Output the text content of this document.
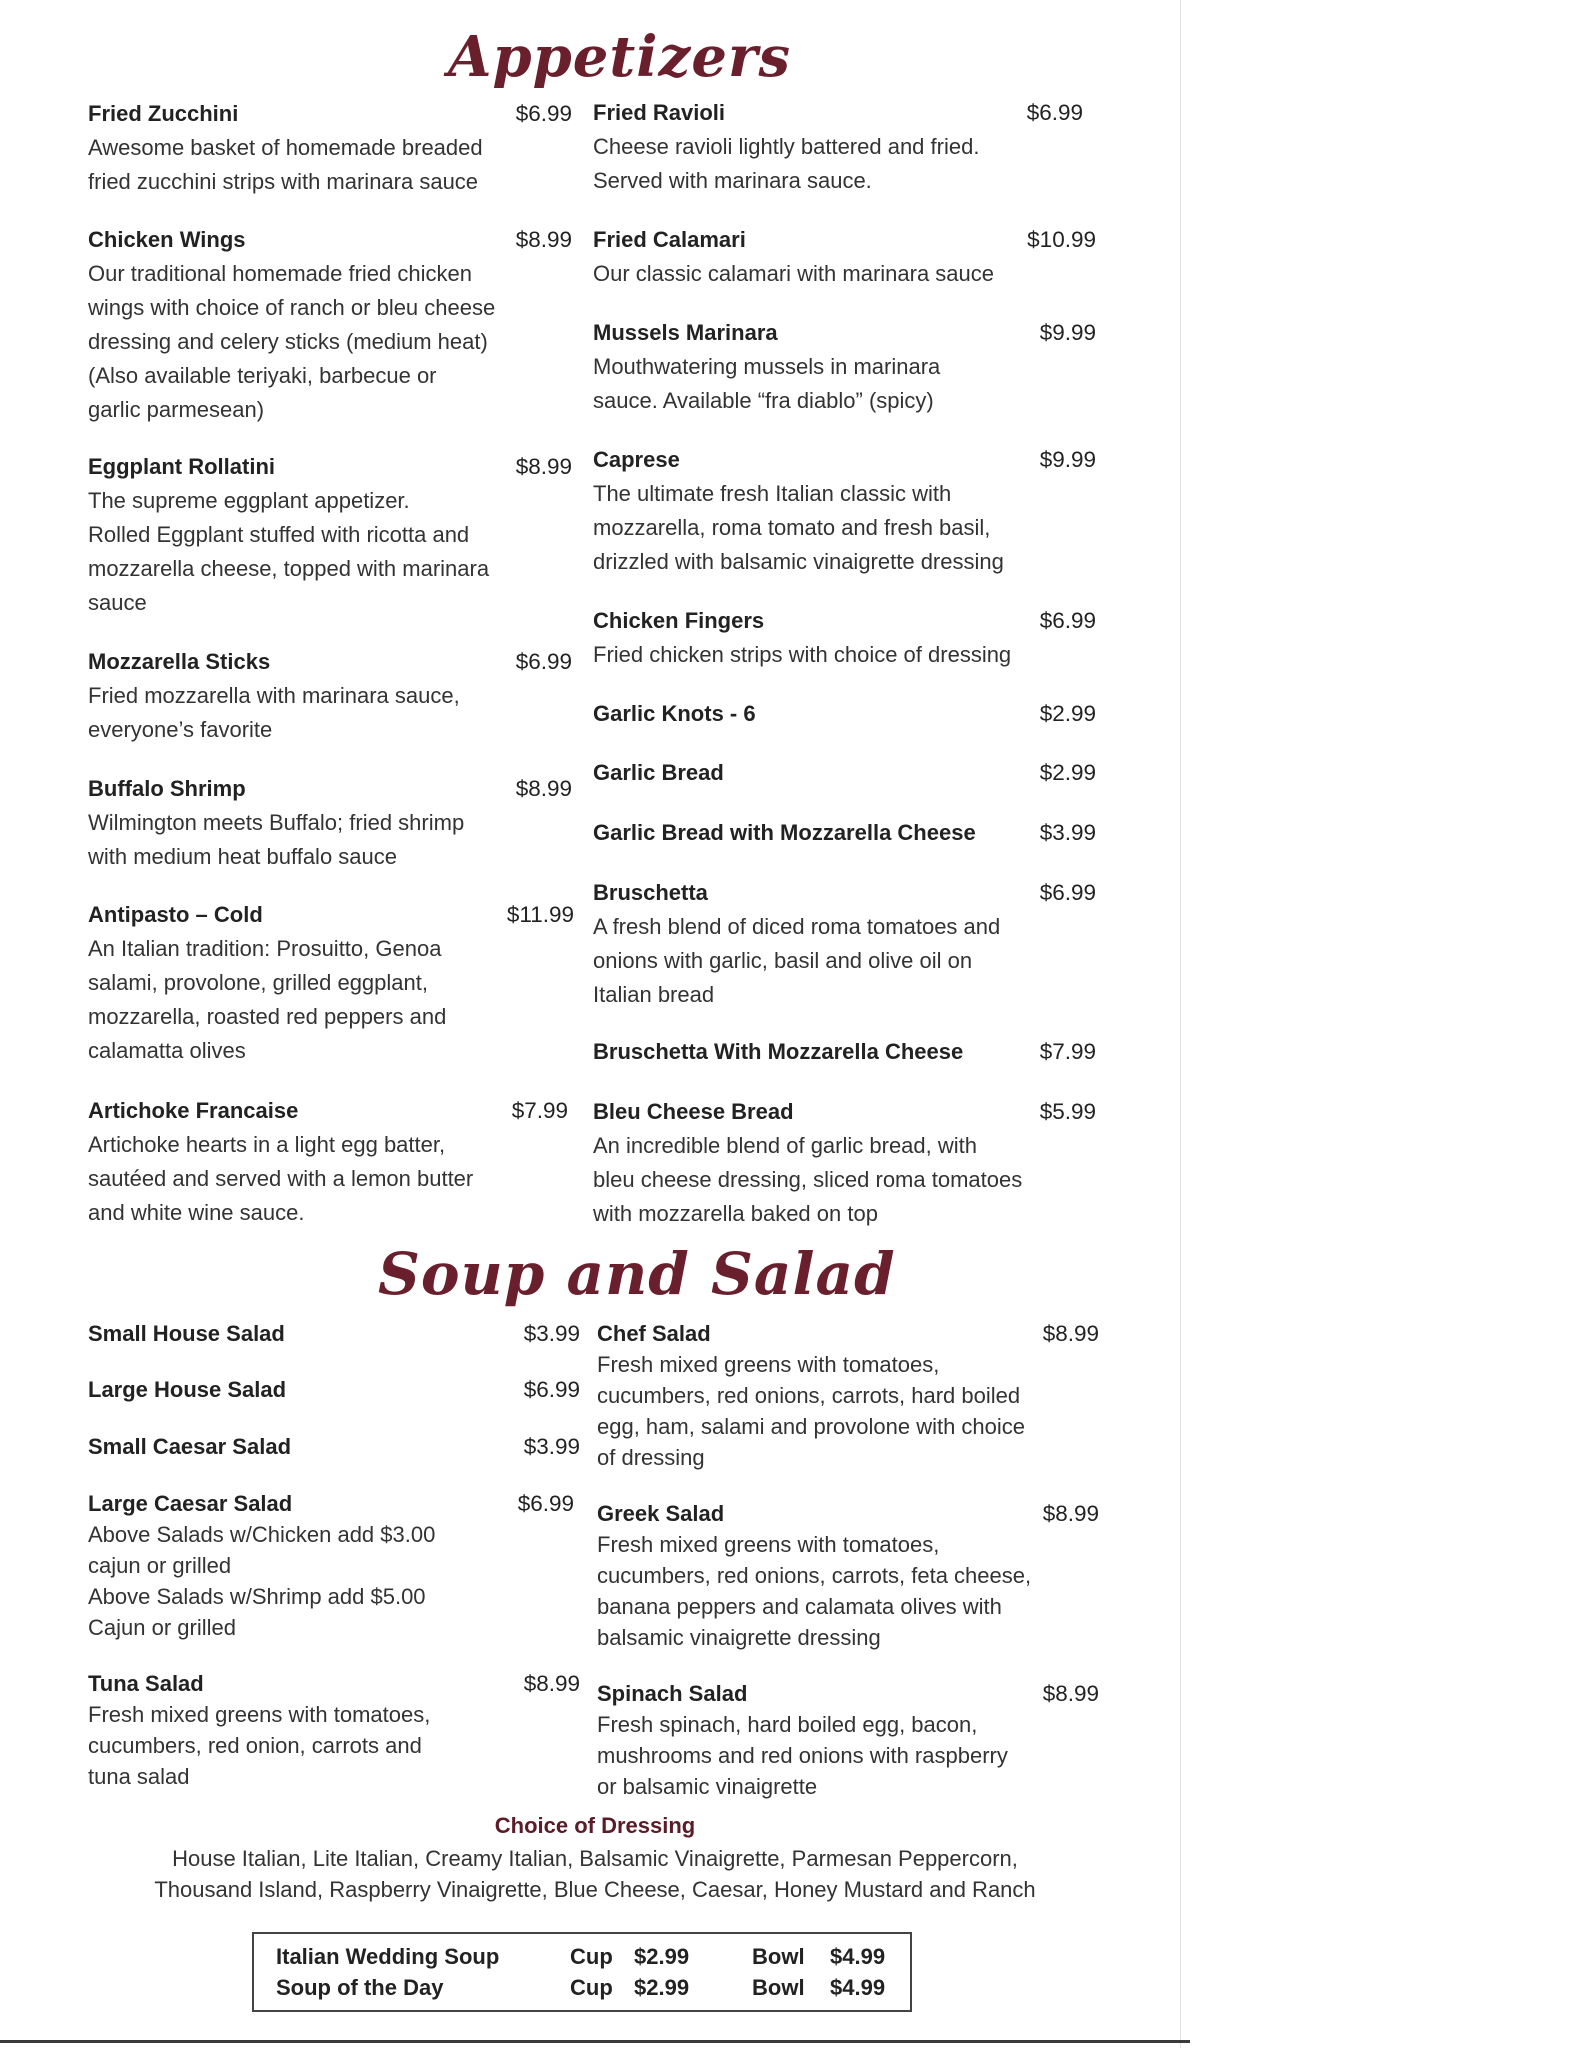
Appetizers
Fried Zucchini	$6.99
Awesome basket of homemade breaded
fried zucchini strips with marinara sauce
Chicken Wings	$8.99
Our traditional homemade fried chicken
wings with choice of ranch or bleu cheese
dressing and celery sticks (medium heat)
(Also available teriyaki, barbecue or
garlic parmesean)
Eggplant Rollatini	$8.99
The supreme eggplant appetizer.
Rolled Eggplant stuffed with ricotta and
mozzarella cheese, topped with marinara
sauce
Mozzarella Sticks	$6.99
Fried mozzarella with marinara sauce,
everyone’s favorite
Buffalo Shrimp	$8.99
Wilmington meets Buffalo; fried shrimp
with medium heat buffalo sauce
Antipasto – Cold	$11.99
An Italian tradition: Prosuitto, Genoa
salami, provolone, grilled eggplant,
mozzarella, roasted red peppers and
calamatta olives
Artichoke Francaise	$7.99
Artichoke hearts in a light egg batter,
sautéed and served with a lemon butter
and white wine sauce.
Fried Ravioli	$6.99
Cheese ravioli lightly battered and fried.
Served with marinara sauce.
Fried Calamari	$10.99
Our classic calamari with marinara sauce
Mussels Marinara	$9.99
Mouthwatering mussels in marinara
sauce. Available “fra diablo” (spicy)
Caprese	$9.99
The ultimate fresh Italian classic with
mozzarella, roma tomato and fresh basil,
drizzled with balsamic vinaigrette dressing
Chicken Fingers	$6.99
Fried chicken strips with choice of dressing
Garlic Knots - 6	$2.99
Garlic Bread	$2.99
Garlic Bread with Mozzarella Cheese	$3.99
Bruschetta	$6.99
A fresh blend of diced roma tomatoes and
onions with garlic, basil and olive oil on
Italian bread
Bruschetta With Mozzarella Cheese	$7.99
Bleu Cheese Bread	$5.99
An incredible blend of garlic bread, with
bleu cheese dressing, sliced roma tomatoes
with mozzarella baked on top
Soup and Salad
Small House Salad	$3.99
Large House Salad	$6.99
Small Caesar Salad	$3.99
Large Caesar Salad	$6.99
Above Salads w/Chicken add $3.00
cajun or grilled
Above Salads w/Shrimp add $5.00
Cajun or grilled
Tuna Salad	$8.99
Fresh mixed greens with tomatoes,
cucumbers, red onion, carrots and
tuna salad
Chef Salad	$8.99
Fresh mixed greens with tomatoes,
cucumbers, red onions, carrots, hard boiled
egg, ham, salami and provolone with choice
of dressing
Greek Salad	$8.99
Fresh mixed greens with tomatoes,
cucumbers, red onions, carrots, feta cheese,
banana peppers and calamata olives with
balsamic vinaigrette dressing
Spinach Salad	$8.99
Fresh spinach, hard boiled egg, bacon,
mushrooms and red onions with raspberry
or balsamic vinaigrette
Choice of Dressing
House Italian, Lite Italian, Creamy Italian, Balsamic Vinaigrette, Parmesan Peppercorn,
Thousand Island, Raspberry Vinaigrette, Blue Cheese, Caesar, Honey Mustard and Ranch
Italian Wedding Soup	Cup $2.99	Bowl $4.99
Soup of the Day	Cup $2.99	Bowl $4.99
